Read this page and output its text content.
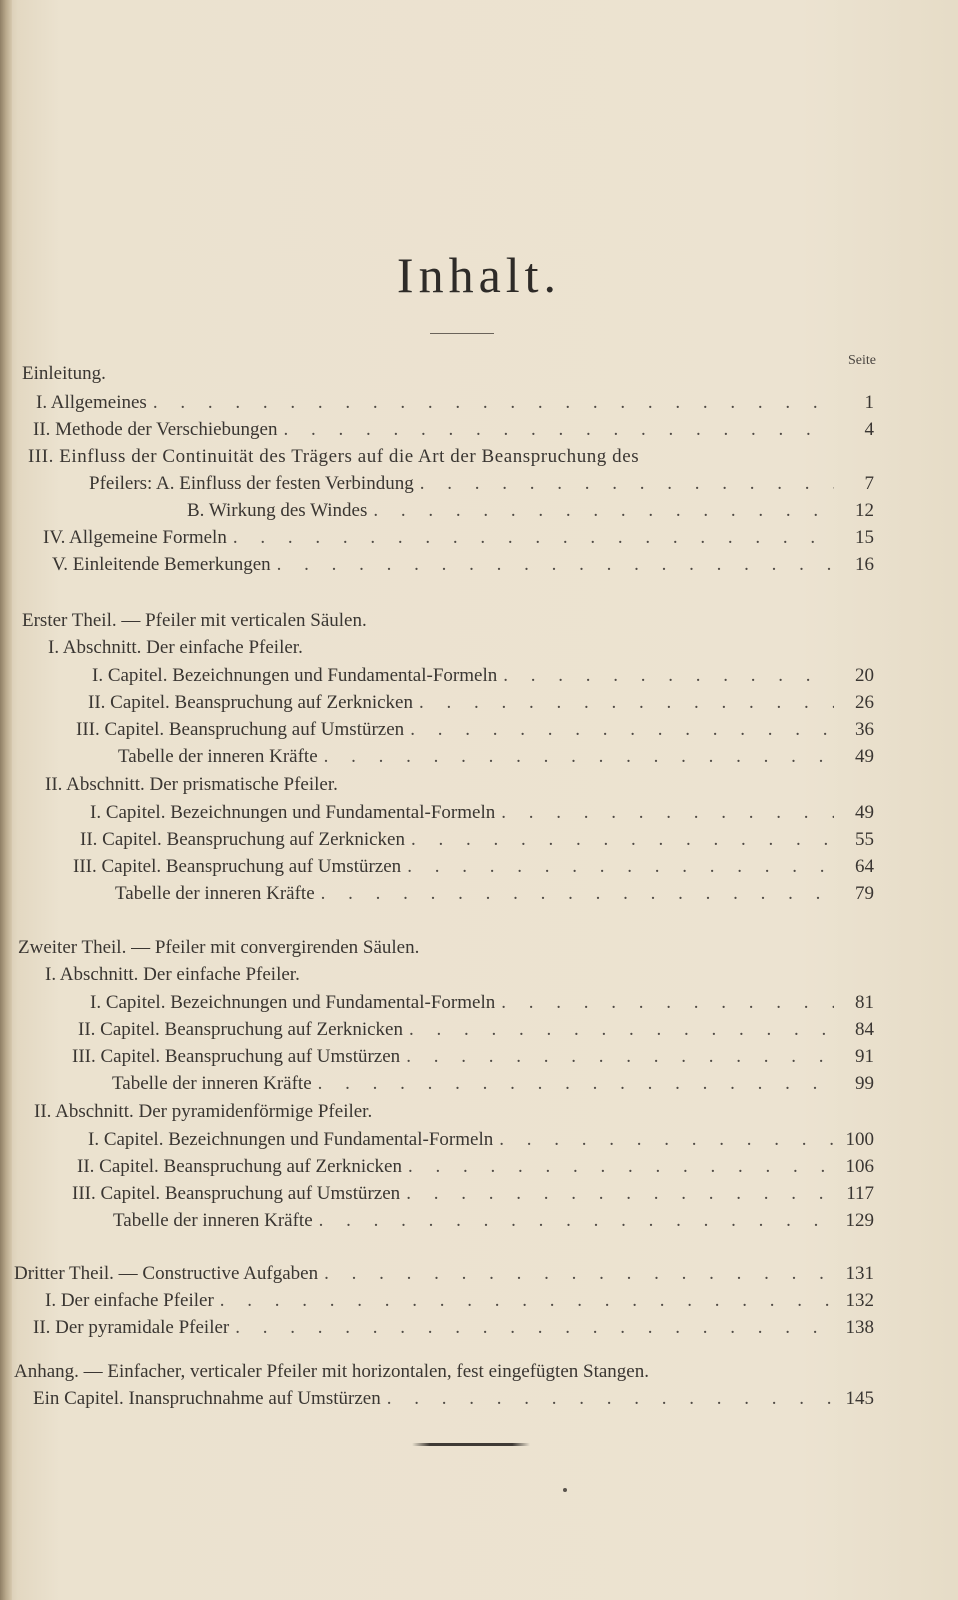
Inhalt.
Seite
Einleitung.
I. Allgemeines . . .	1
II. Methode der Verschiebungen . . .	4
III. Einfluss der Continuität des Trägers auf die Art der Beanspruchung des
Pfeilers: A. Einfluss der festen Verbindung . . .	7
B. Wirkung des Windes . . .	12
IV. Allgemeine Formeln . . .	15
V. Einleitende Bemerkungen . . .	16
Erster Theil. — Pfeiler mit verticalen Säulen.
I. Abschnitt. Der einfache Pfeiler.
I. Capitel. Bezeichnungen und Fundamental-Formeln . . .	20
II. Capitel. Beanspruchung auf Zerknicken . . .	26
III. Capitel. Beanspruchung auf Umstürzen . . .	36
Tabelle der inneren Kräfte . . .	49
II. Abschnitt. Der prismatische Pfeiler.
I. Capitel. Bezeichnungen und Fundamental-Formeln . . .	49
II. Capitel. Beanspruchung auf Zerknicken . . .	55
III. Capitel. Beanspruchung auf Umstürzen . . .	64
Tabelle der inneren Kräfte . . .	79
Zweiter Theil. — Pfeiler mit convergirenden Säulen.
I. Abschnitt. Der einfache Pfeiler.
I. Capitel. Bezeichnungen und Fundamental-Formeln . . .	81
II. Capitel. Beanspruchung auf Zerknicken . . .	84
III. Capitel. Beanspruchung auf Umstürzen . . .	91
Tabelle der inneren Kräfte . . .	99
II. Abschnitt. Der pyramidenförmige Pfeiler.
I. Capitel. Bezeichnungen und Fundamental-Formeln . . .	100
II. Capitel. Beanspruchung auf Zerknicken . . .	106
III. Capitel. Beanspruchung auf Umstürzen . . .	117
Tabelle der inneren Kräfte . . .	129
Dritter Theil. — Constructive Aufgaben . . .	131
I. Der einfache Pfeiler . . .	132
II. Der pyramidale Pfeiler . . .	138
Anhang. — Einfacher, verticaler Pfeiler mit horizontalen, fest eingefügten Stangen.
Ein Capitel. Inanspruchnahme auf Umstürzen . . .	145
